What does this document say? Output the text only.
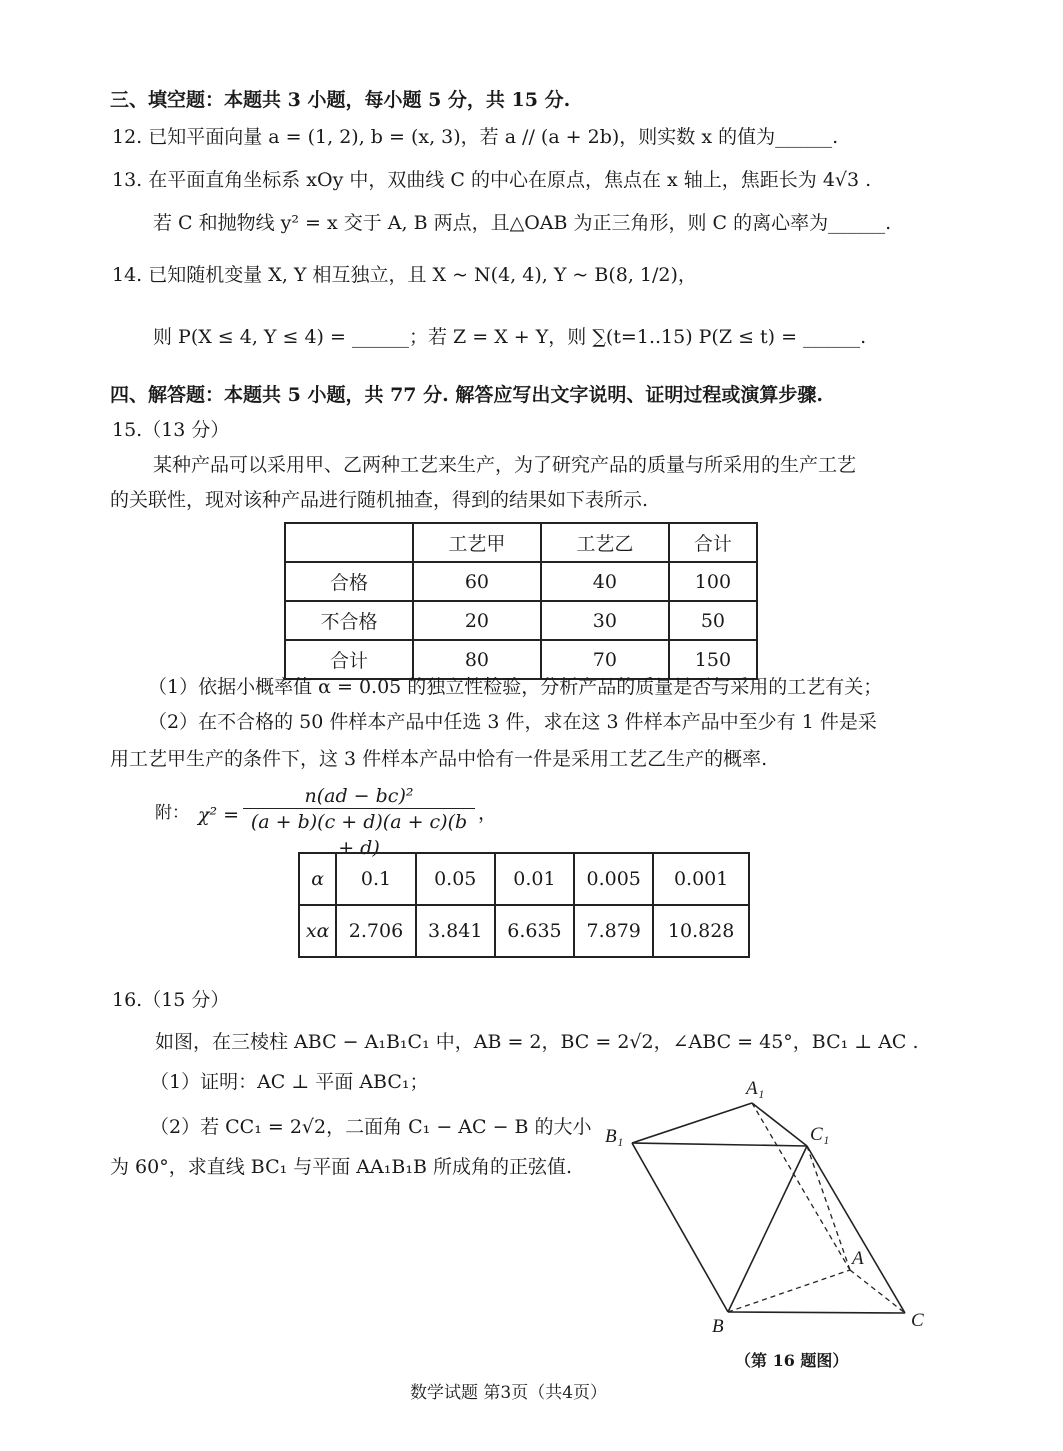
三、填空题：本题共 3 小题，每小题 5 分，共 15 分.
12. 已知平面向量 a = (1, 2), b = (x, 3)，若 a // (a + 2b)，则实数 x 的值为______.
13. 在平面直角坐标系 xOy 中，双曲线 C 的中心在原点，焦点在 x 轴上，焦距长为 4√3 .
若 C 和抛物线 y² = x 交于 A, B 两点，且△OAB 为正三角形，则 C 的离心率为______.
14. 已知随机变量 X, Y 相互独立，且 X ~ N(4, 4), Y ~ B(8, 1/2)，
则 P(X ≤ 4, Y ≤ 4) = ______；若 Z = X + Y，则 ∑(t=1..15) P(Z ≤ t) = ______.
四、解答题：本题共 5 小题，共 77 分. 解答应写出文字说明、证明过程或演算步骤.
15.（13 分）
某种产品可以采用甲、乙两种工艺来生产，为了研究产品的质量与所采用的生产工艺
的关联性，现对该种产品进行随机抽查，得到的结果如下表所示.
	工艺甲	工艺乙	合计
合格	60	40	100
不合格	20	30	50
合计	80	70	150
（1）依据小概率值 α = 0.05 的独立性检验，分析产品的质量是否与采用的工艺有关；
（2）在不合格的 50 件样本产品中任选 3 件，求在这 3 件样本产品中至少有 1 件是采
用工艺甲生产的条件下，这 3 件样本产品中恰有一件是采用工艺乙生产的概率.
附： $\chi^2 = \frac{\text{n(ad − bc)²}}{(a + b)(c + d)(a + c)(b + d)}$ ，
α	0.1	0.05	0.01	0.005	0.001
xα	2.706	3.841	6.635	7.879	10.828
16.（15 分）
如图，在三棱柱 ABC − A₁B₁C₁ 中，AB = 2，BC = 2√2，∠ABC = 45°，BC₁ ⊥ AC .
（1）证明：AC ⊥ 平面 ABC₁；
（2）若 CC₁ = 2√2，二面角 C₁ − AC − B 的大小
为 60°，求直线 BC₁ 与平面 AA₁B₁B 所成角的正弦值.
A₁
B₁	C₁
A
B	C
（第 16 题图）
数学试题 第3页（共4页）
